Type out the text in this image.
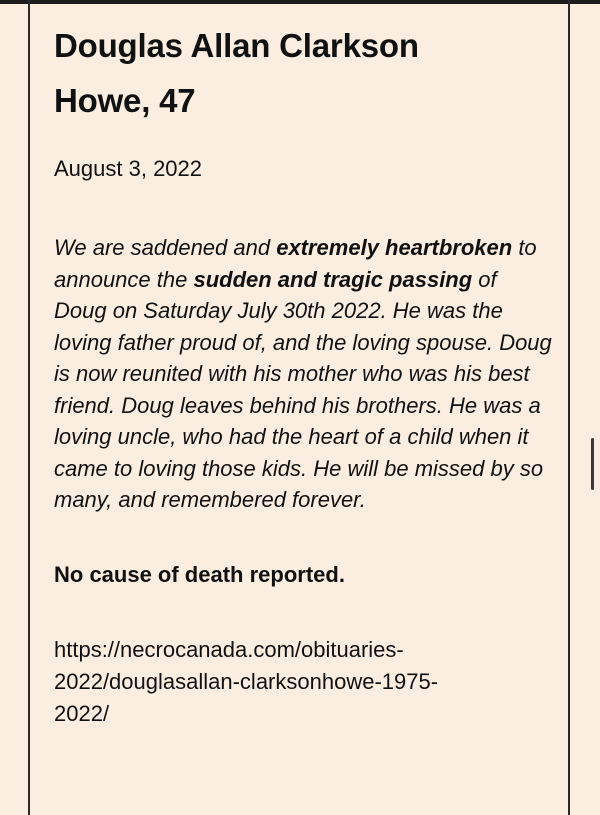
Douglas Allan Clarkson
Howe, 47
August 3, 2022
We are saddened and extremely heartbroken to announce the sudden and tragic passing of Doug on Saturday July 30th 2022. He was the loving father proud of, and the loving spouse. Doug is now reunited with his mother who was his best friend. Doug leaves behind his brothers. He was a loving uncle, who had the heart of a child when it came to loving those kids. He will be missed by so many, and remembered forever.
No cause of death reported.
https://necrocanada.com/obituaries-
2022/douglasallan-clarksonhowe-1975-
2022/
